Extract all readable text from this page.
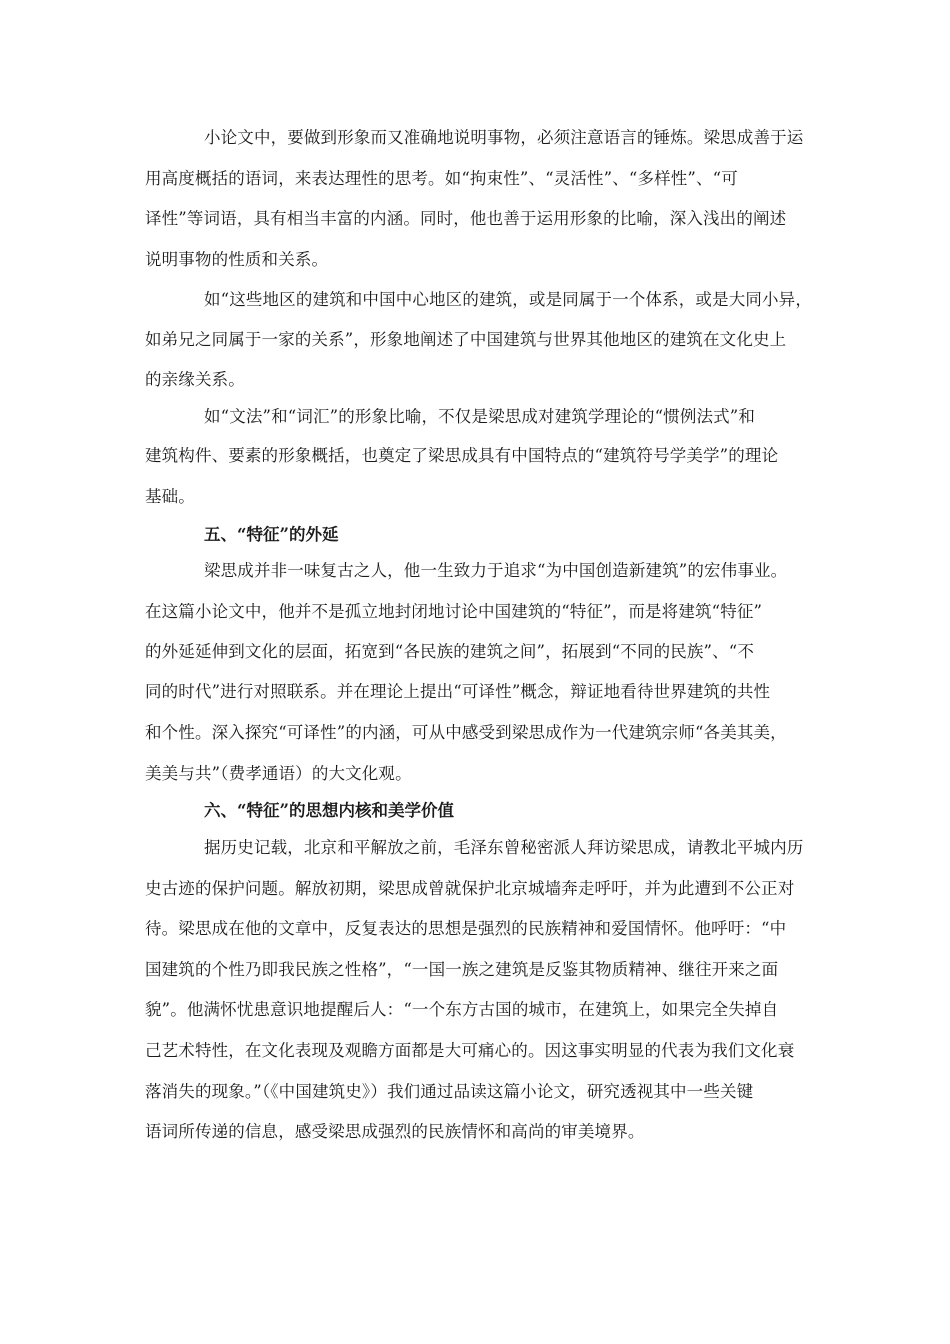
小论文中，要做到形象而又准确地说明事物，必须注意语言的锤炼。梁思成善于运
用高度概括的语词，来表达理性的思考。如“拘束性”、“灵活性”、“多样性”、“可
译性”等词语，具有相当丰富的内涵。同时，他也善于运用形象的比喻，深入浅出的阐述
说明事物的性质和关系。
如“这些地区的建筑和中国中心地区的建筑，或是同属于一个体系，或是大同小异，
如弟兄之同属于一家的关系”，形象地阐述了中国建筑与世界其他地区的建筑在文化史上
的亲缘关系。
如“文法”和“词汇”的形象比喻，不仅是梁思成对建筑学理论的“惯例法式”和
建筑构件、要素的形象概括，也奠定了梁思成具有中国特点的“建筑符号学美学”的理论
基础。
五、“特征”的外延
梁思成并非一味复古之人，他一生致力于追求“为中国创造新建筑”的宏伟事业。
在这篇小论文中，他并不是孤立地封闭地讨论中国建筑的“特征”，而是将建筑“特征”
的外延延伸到文化的层面，拓宽到“各民族的建筑之间”，拓展到“不同的民族”、“不
同的时代”进行对照联系。并在理论上提出“可译性”概念，辩证地看待世界建筑的共性
和个性。深入探究“可译性”的内涵，可从中感受到梁思成作为一代建筑宗师“各美其美，
美美与共”（费孝通语）的大文化观。
六、“特征”的思想内核和美学价值
据历史记载，北京和平解放之前，毛泽东曾秘密派人拜访梁思成，请教北平城内历
史古迹的保护问题。解放初期，梁思成曾就保护北京城墙奔走呼吁，并为此遭到不公正对
待。梁思成在他的文章中，反复表达的思想是强烈的民族精神和爱国情怀。他呼吁：“中
国建筑的个性乃即我民族之性格”，“一国一族之建筑是反鉴其物质精神、继往开来之面
貌”。他满怀忧患意识地提醒后人：“一个东方古国的城市，在建筑上，如果完全失掉自
己艺术特性，在文化表现及观瞻方面都是大可痛心的。因这事实明显的代表为我们文化衰
落消失的现象。”（《中国建筑史》）我们通过品读这篇小论文，研究透视其中一些关键
语词所传递的信息，感受梁思成强烈的民族情怀和高尚的审美境界。
